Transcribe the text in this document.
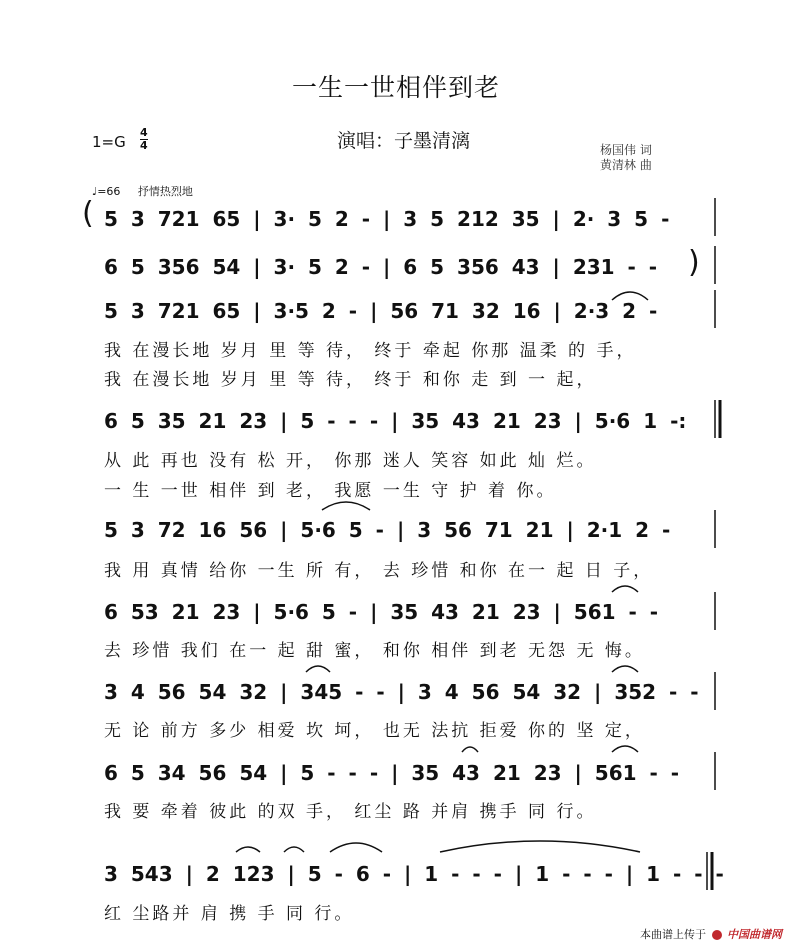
一生一世相伴到老
1=G
4
4	演唱：子墨清漓	杨国伟 词
黄清林 曲
♩=66 抒情热烈地
( 5 3 721 65 | 3· 5 2 - | 3 5 212 35 | 2· 3 5 -
6 5 356 54 | 3· 5 2 - | 6 5 356 43 | 231 - - )
5 3 721 65 | 3·5 2 - | 56 71 32 16 | 2·3 2 -
我 在漫长地 岁月 里 等 待， 终于 牵起 你那 温柔 的 手，
我 在漫长地 岁月 里 等 待， 终于 和你 走 到 一 起，
6 5 35 21 23 | 5 - - - | 35 43 21 23 | 5·6 1 -:
从 此 再也 没有 松 开， 你那 迷人 笑容 如此 灿 烂。
一 生 一世 相伴 到 老， 我愿 一生 守 护 着 你。
5 3 72 16 56 | 5·6 5 - | 3 56 71 21 | 2·1 2 -
我 用 真情 给你 一生 所 有， 去 珍惜 和你 在一 起 日 子，
6 53 21 23 | 5·6 5 - | 35 43 21 23 | 561 - -
去 珍惜 我们 在一 起 甜 蜜， 和你 相伴 到老 无怨 无 悔。
3 4 56 54 32 | 345 - - | 3 4 56 54 32 | 352 - -
无 论 前方 多少 相爱 坎 坷， 也无 法抗 拒爱 你的 坚 定，
6 5 34 56 54 | 5 - - - | 35 43 21 23 | 561 - -
我 要 牵着 彼此 的双 手， 红尘 路 并肩 携手 同 行。
3 543 | 2 123 | 5 - 6 - | 1 - - - | 1 - - - | 1 - - -
红 尘路并 肩 携 手 同 行。
本曲谱上传于 中国曲谱网
